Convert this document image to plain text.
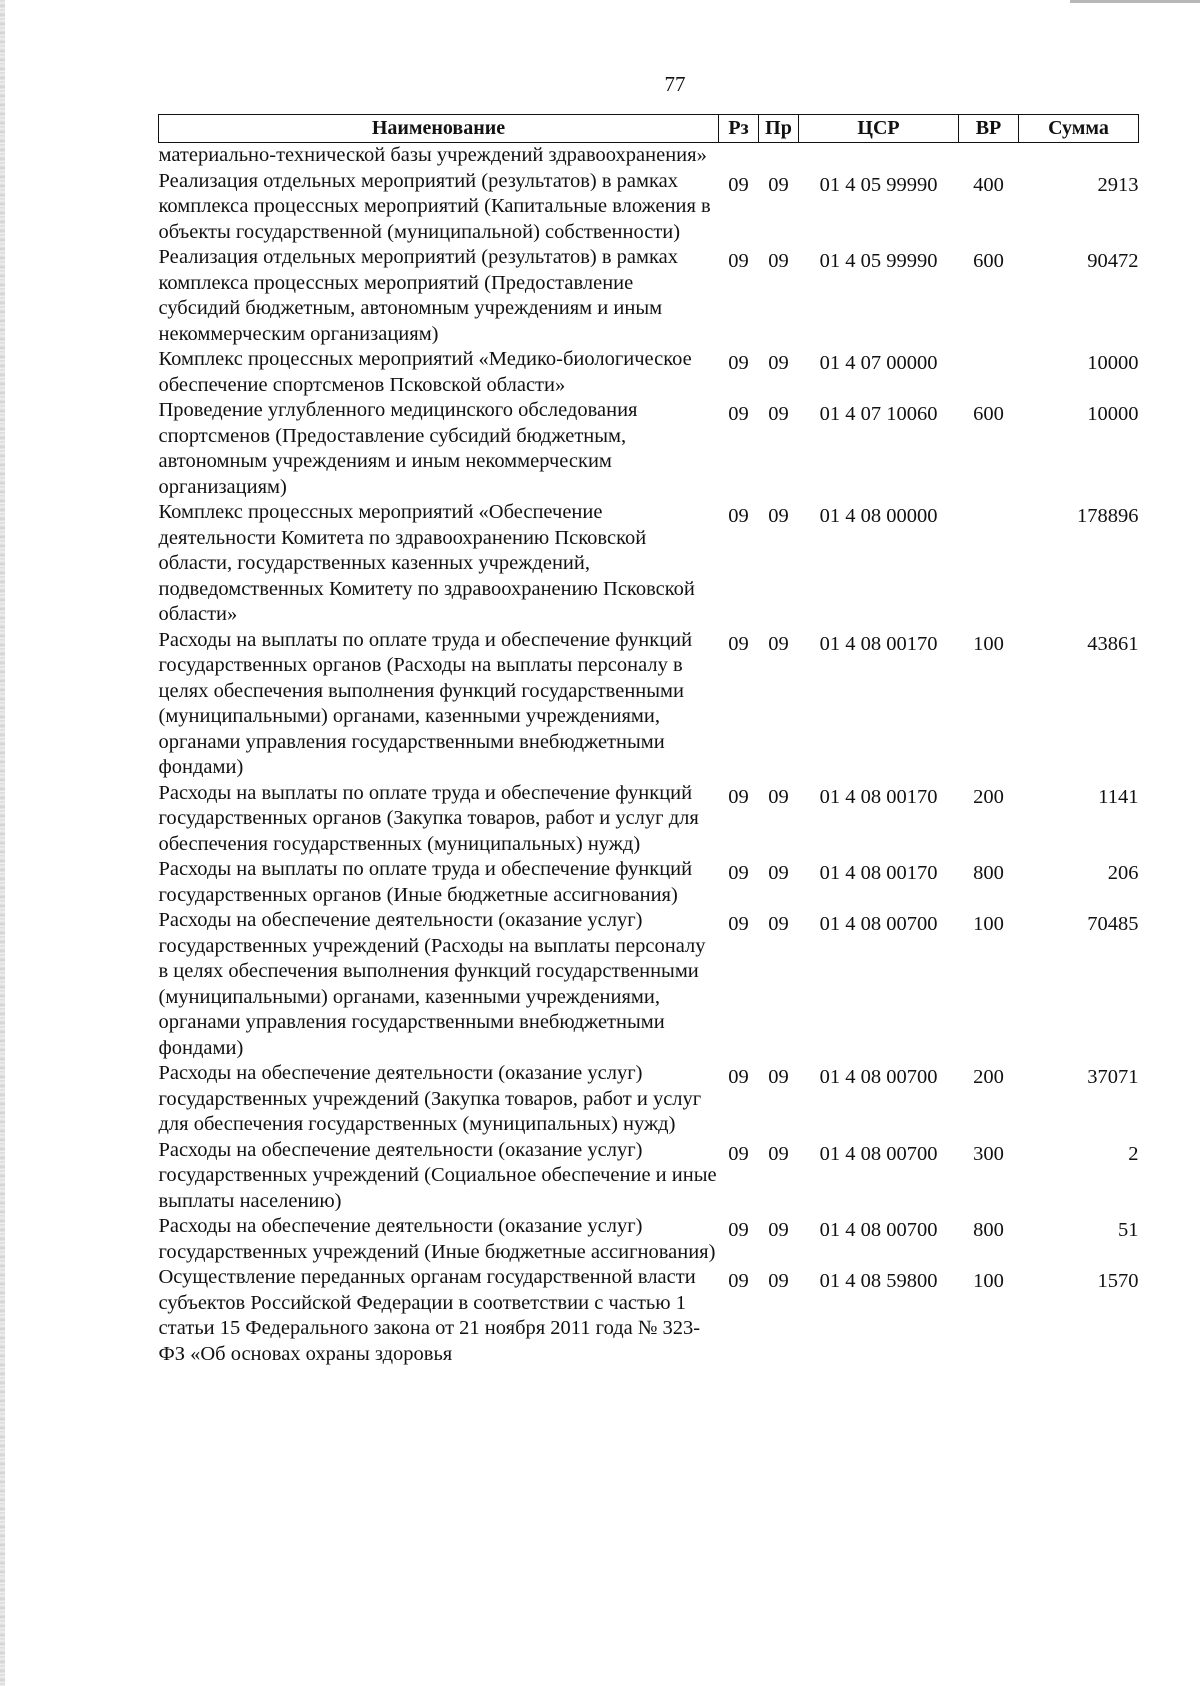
77
Наименование	Рз	Пр	ЦСР	ВР	Сумма
материально-технической базы учреждений здравоохранения»					
Реализация отдельных мероприятий (результатов) в рамках комплекса процессных мероприятий (Капитальные вложения в объекты государственной (муниципальной) собственности)	09	09	01 4 05 99990	400	2913
Реализация отдельных мероприятий (результатов) в рамках комплекса процессных мероприятий (Предоставление субсидий бюджетным, автономным учреждениям и иным некоммерческим организациям)	09	09	01 4 05 99990	600	90472
Комплекс процессных мероприятий «Медико-биологическое обеспечение спортсменов Псковской области»	09	09	01 4 07 00000		10000
Проведение углубленного медицинского обследования спортсменов (Предоставление субсидий бюджетным, автономным учреждениям и иным некоммерческим организациям)	09	09	01 4 07 10060	600	10000
Комплекс процессных мероприятий «Обеспечение деятельности Комитета по здравоохранению Псковской области, государственных казенных учреждений, подведомственных Комитету по здравоохранению Псковской области»	09	09	01 4 08 00000		178896
Расходы на выплаты по оплате труда и обеспечение функций государственных органов (Расходы на выплаты персоналу в целях обеспечения выполнения функций государственными (муниципальными) органами, казенными учреждениями, органами управления государственными внебюджетными фондами)	09	09	01 4 08 00170	100	43861
Расходы на выплаты по оплате труда и обеспечение функций государственных органов (Закупка товаров, работ и услуг для обеспечения государственных (муниципальных) нужд)	09	09	01 4 08 00170	200	1141
Расходы на выплаты по оплате труда и обеспечение функций государственных органов (Иные бюджетные ассигнования)	09	09	01 4 08 00170	800	206
Расходы на обеспечение деятельности (оказание услуг) государственных учреждений (Расходы на выплаты персоналу в целях обеспечения выполнения функций государственными (муниципальными) органами, казенными учреждениями, органами управления государственными внебюджетными фондами)	09	09	01 4 08 00700	100	70485
Расходы на обеспечение деятельности (оказание услуг) государственных учреждений (Закупка товаров, работ и услуг для обеспечения государственных (муниципальных) нужд)	09	09	01 4 08 00700	200	37071
Расходы на обеспечение деятельности (оказание услуг) государственных учреждений (Социальное обеспечение и иные выплаты населению)	09	09	01 4 08 00700	300	2
Расходы на обеспечение деятельности (оказание услуг) государственных учреждений (Иные бюджетные ассигнования)	09	09	01 4 08 00700	800	51
Осуществление переданных органам государственной власти субъектов Российской Федерации в соответствии с частью 1 статьи 15 Федерального закона от 21 ноября 2011 года № 323-ФЗ «Об основах охраны здоровья	09	09	01 4 08 59800	100	1570
